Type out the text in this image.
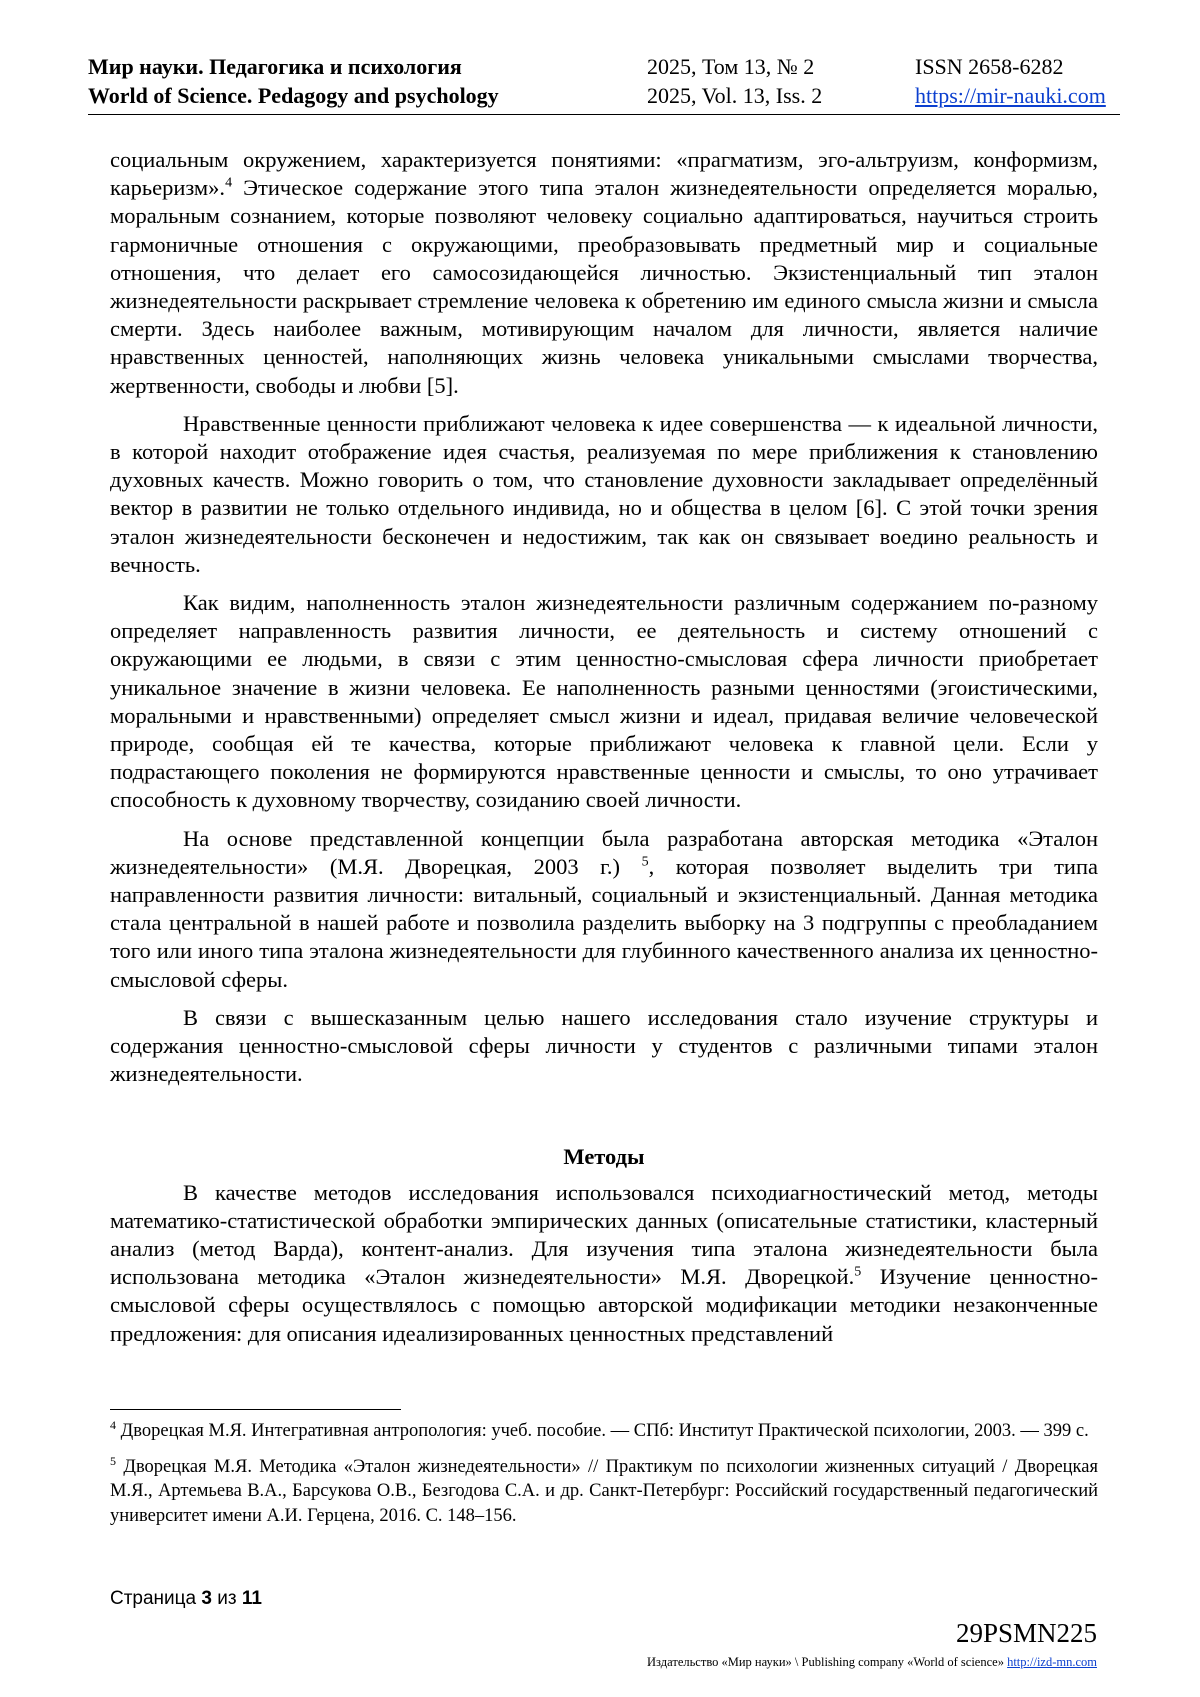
Мир науки. Педагогика и психология
World of Science. Pedagogy and psychology
2025, Том 13, № 2
2025, Vol. 13, Iss. 2
ISSN 2658-6282
https://mir-nauki.com

социальным окружением, характеризуется понятиями: «прагматизм, эго-альтруизм, конформизм, карьеризм».$^4$ Этическое содержание этого типа эталон жизнедеятельности определяется моралью, моральным сознанием, которые позволяют человеку социально адаптироваться, научиться строить гармоничные отношения с окружающими, преобразовывать предметный мир и социальные отношения, что делает его самосозидающейся личностью. Экзистенциальный тип эталон жизнедеятельности раскрывает стремление человека к обретению им единого смысла жизни и смысла смерти. Здесь наиболее важным, мотивирующим началом для личности, является наличие нравственных ценностей, наполняющих жизнь человека уникальными смыслами творчества, жертвенности, свободы и любви [5].

Нравственные ценности приближают человека к идее совершенства — к идеальной личности, в которой находит отображение идея счастья, реализуемая по мере приближения к становлению духовных качеств. Можно говорить о том, что становление духовности закладывает определённый вектор в развитии не только отдельного индивида, но и общества в целом [6]. С этой точки зрения эталон жизнедеятельности бесконечен и недостижим, так как он связывает воедино реальность и вечность.

Как видим, наполненность эталон жизнедеятельности различным содержанием по-разному определяет направленность развития личности, ее деятельность и систему отношений с окружающими ее людьми, в связи с этим ценностно-смысловая сфера личности приобретает уникальное значение в жизни человека. Ее наполненность разными ценностями (эгоистическими, моральными и нравственными) определяет смысл жизни и идеал, придавая величие человеческой природе, сообщая ей те качества, которые приближают человека к главной цели. Если у подрастающего поколения не формируются нравственные ценности и смыслы, то оно утрачивает способность к духовному творчеству, созиданию своей личности.

На основе представленной концепции была разработана авторская методика «Эталон жизнедеятельности» (М.Я. Дворецкая, 2003 г.) $^5$, которая позволяет выделить три типа направленности развития личности: витальный, социальный и экзистенциальный. Данная методика стала центральной в нашей работе и позволила разделить выборку на 3 подгруппы с преобладанием того или иного типа эталона жизнедеятельности для глубинного качественного анализа их ценностно-смысловой сферы.

В связи с вышесказанным целью нашего исследования стало изучение структуры и содержания ценностно-смысловой сферы личности у студентов с различными типами эталон жизнедеятельности.

Методы

В качестве методов исследования использовался психодиагностический метод, методы математико-статистической обработки эмпирических данных (описательные статистики, кластерный анализ (метод Варда), контент-анализ. Для изучения типа эталона жизнедеятельности была использована методика «Эталон жизнедеятельности» М.Я. Дворецкой.$^5$ Изучение ценностно-смысловой сферы осуществлялось с помощью авторской модификации методики незаконченные предложения: для описания идеализированных ценностных представлений

$^4$ Дворецкая М.Я. Интегративная антропология: учеб. пособие. — СПб: Институт Практической психологии, 2003. — 399 с.

$^5$ Дворецкая М.Я. Методика «Эталон жизнедеятельности» // Практикум по психологии жизненных ситуаций / Дворецкая М.Я., Артемьева В.А., Барсукова О.В., Безгодова С.А. и др. Санкт-Петербург: Российский государственный педагогический университет имени А.И. Герцена, 2016. С. 148–156.

Страница 3 из 11
29PSMN225
Издательство «Мир науки» \ Publishing company «World of science» http://izd-mn.com
